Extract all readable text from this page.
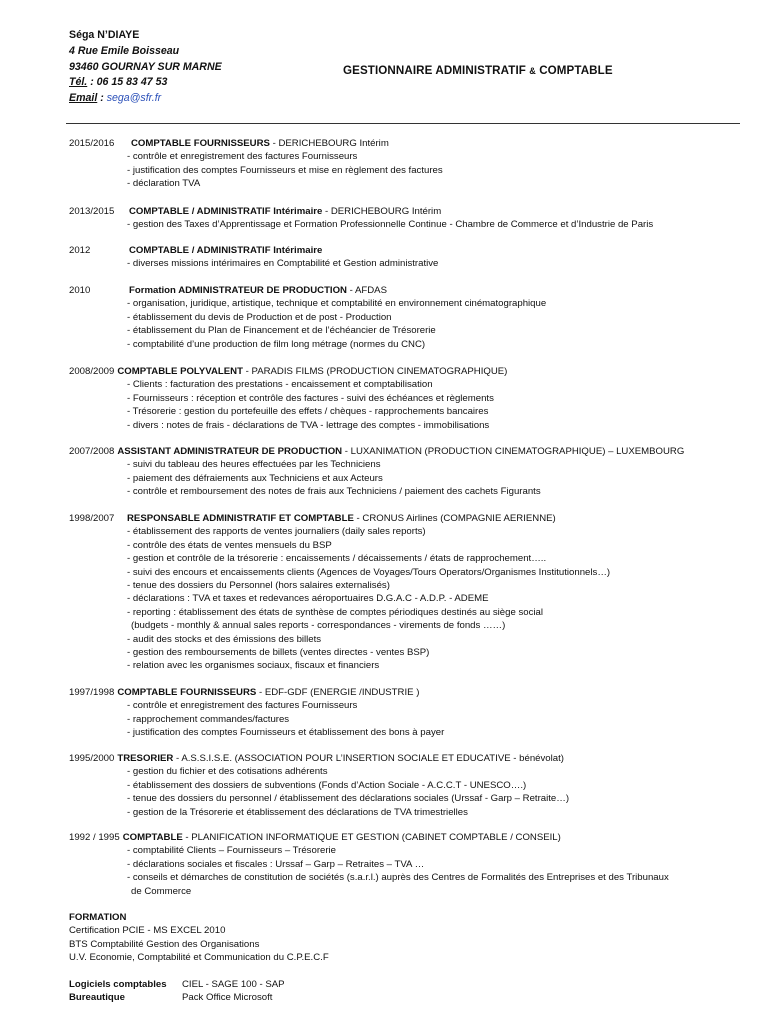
Séga N’DIAYE
4 Rue Emile Boisseau
93460 GOURNAY SUR MARNE
Tél. : 06 15 83 47 53
Email : sega@sfr.fr
GESTIONNAIRE ADMINISTRATIF & COMPTABLE
2015/2016 COMPTABLE FOURNISSEURS - DERICHEBOURG Intérim
- contrôle et enregistrement des factures Fournisseurs
- justification des comptes Fournisseurs et mise en règlement des factures
- déclaration TVA
2013/2015 COMPTABLE / ADMINISTRATIF Intérimaire - DERICHEBOURG Intérim
- gestion des Taxes d’Apprentissage et Formation Professionnelle Continue - Chambre de Commerce et d’Industrie de Paris
2012	COMPTABLE / ADMINISTRATIF Intérimaire
- diverses missions intérimaires en Comptabilité et Gestion administrative
2010	Formation ADMINISTRATEUR DE PRODUCTION - AFDAS
- organisation, juridique, artistique, technique et comptabilité en environnement cinématographique
- établissement du devis de Production et de post - Production
- établissement du Plan de Financement et de l’échéancier de Trésorerie
- comptabilité d’une production de film long métrage (normes du CNC)
2008/2009 COMPTABLE POLYVALENT - PARADIS FILMS (PRODUCTION CINEMATOGRAPHIQUE)
- Clients : facturation des prestations - encaissement et comptabilisation
- Fournisseurs : réception et contrôle des factures - suivi des échéances et règlements
- Trésorerie : gestion du portefeuille des effets / chèques - rapprochements bancaires
- divers : notes de frais - déclarations de TVA - lettrage des comptes - immobilisations
2007/2008 ASSISTANT ADMINISTRATEUR DE PRODUCTION - LUXANIMATION (PRODUCTION CINEMATOGRAPHIQUE) – LUXEMBOURG
- suivi du tableau des heures effectuées par les Techniciens
- paiement des défraiements aux Techniciens et aux Acteurs
- contrôle et remboursement des notes de frais aux Techniciens / paiement des cachets Figurants
1998/2007 RESPONSABLE ADMINISTRATIF ET COMPTABLE - CRONUS Airlines (COMPAGNIE AERIENNE)
- établissement des rapports de ventes journaliers (daily sales reports)
- contrôle des états de ventes mensuels du BSP
- gestion et contrôle de la trésorerie : encaissements / décaissements / états de rapprochement…..
- suivi des encours et encaissements clients (Agences de Voyages/Tours Operators/Organismes Institutionnels…)
- tenue des dossiers du Personnel (hors salaires externalisés)
- déclarations : TVA et taxes et redevances aéroportuaires D.G.A.C - A.D.P. - ADEME
- reporting : établissement des états de synthèse de comptes périodiques destinés au siège social
(budgets - monthly & annual sales reports - correspondances - virements de fonds ……)
- audit des stocks et des émissions des billets
- gestion des remboursements de billets (ventes directes - ventes BSP)
- relation avec les organismes sociaux, fiscaux et financiers
1997/1998 COMPTABLE FOURNISSEURS - EDF-GDF (ENERGIE /INDUSTRIE )
- contrôle et enregistrement des factures Fournisseurs
- rapprochement commandes/factures
- justification des comptes Fournisseurs et établissement des bons à payer
1995/2000 TRESORIER - A.S.S.I.S.E. (ASSOCIATION POUR L’INSERTION SOCIALE ET EDUCATIVE - bénévolat)
- gestion du fichier et des cotisations adhérents
- établissement des dossiers de subventions (Fonds d’Action Sociale - A.C.C.T - UNESCO….)
- tenue des dossiers du personnel / établissement des déclarations sociales (Urssaf - Garp – Retraite…)
- gestion de la Trésorerie et établissement des déclarations de TVA trimestrielles
1992 / 1995 COMPTABLE - PLANIFICATION INFORMATIQUE ET GESTION (CABINET COMPTABLE / CONSEIL)
- comptabilité Clients – Fournisseurs – Trésorerie
- déclarations sociales et fiscales : Urssaf – Garp – Retraites – TVA …
- conseils et démarches de constitution de sociétés (s.a.r.l.) auprès des Centres de Formalités des Entreprises et des Tribunaux
de Commerce
FORMATION
Certification PCIE - MS EXCEL 2010
BTS Comptabilité Gestion des Organisations
U.V. Economie, Comptabilité et Communication du C.P.E.C.F
Logiciels comptables	CIEL - SAGE 100 - SAP
Bureautique	Pack Office Microsoft
